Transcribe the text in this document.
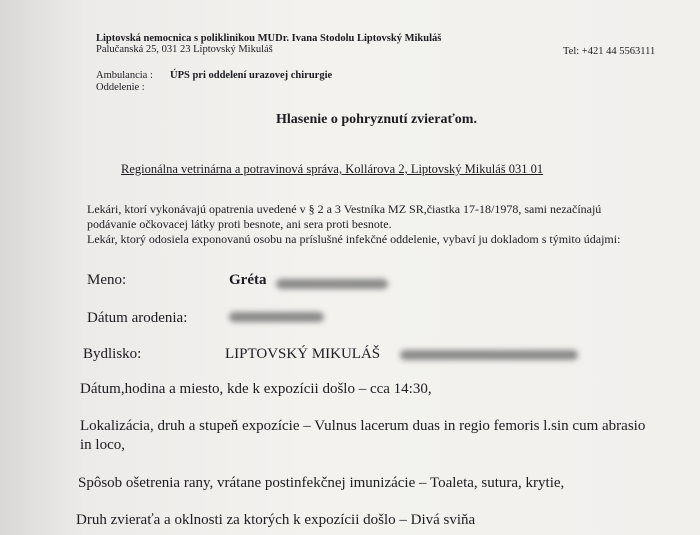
Liptovská nemocnica s poliklinikou MUDr. Ivana Stodolu Liptovský Mikuláš
Palučanská 25, 031 23 Liptovský Mikuláš	Tel: +421 44 5563111
Ambulancia : ÚPS pri oddelení urazovej chirurgie
Oddelenie :
Hlasenie o pohryznutí zvieraťom.
Regionálna vetrinárna a potravinová správa, Kollárova 2, Liptovský Mikuláš 031 01
Lekári, ktorí vykonávajú opatrenia uvedené v § 2 a 3 Vestníka MZ SR,čiastka 17-18/1978, sami nezačínajú
podávanie očkovacej látky proti besnote, ani sera proti besnote.
Lekár, ktorý odosiela exponovanú osobu na príslušné infekčné oddelenie, vybaví ju dokladom s týmito údajmi:
Meno:	Gréta
Dátum arodenia:
Bydlisko:	LIPTOVSKÝ MIKULÁŠ
Dátum,hodina a miesto, kde k expozícii došlo – cca 14:30,
Lokalizácia, druh a stupeň expozície – Vulnus lacerum duas in regio femoris l.sin cum abrasio
in loco,
Spôsob ošetrenia rany, vrátane postinfekčnej imunizácie – Toaleta, sutura, krytie,
Druh zvieraťa a oklnosti za ktorých k expozícii došlo – Divá sviňa
